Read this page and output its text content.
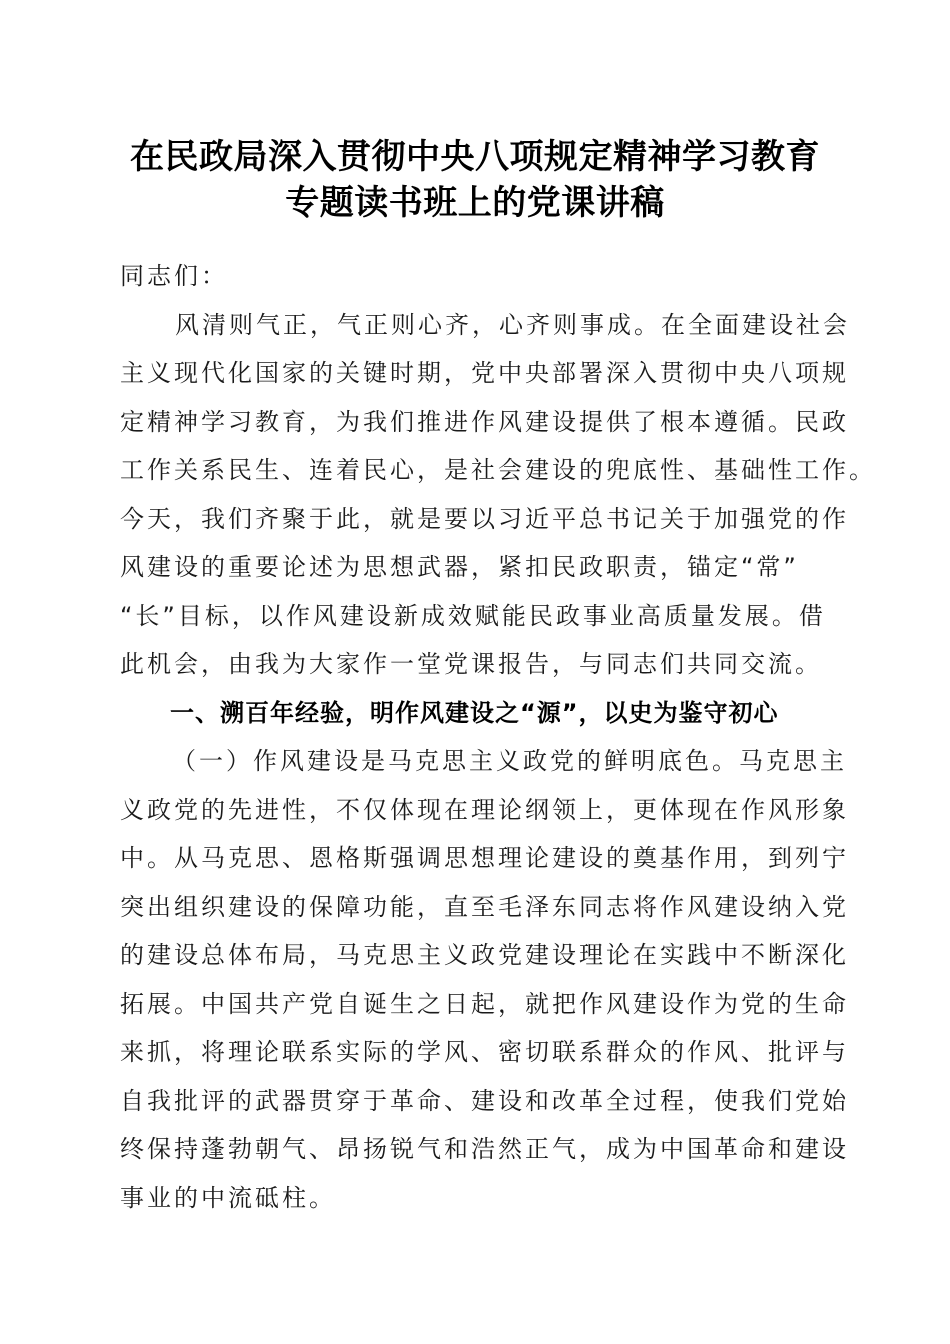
在民政局深入贯彻中央八项规定精神学习教育
专题读书班上的党课讲稿
同志们：
风清则气正，气正则心齐，心齐则事成。在全面建设社会
主义现代化国家的关键时期，党中央部署深入贯彻中央八项规
定精神学习教育，为我们推进作风建设提供了根本遵循。民政
工作关系民生、连着民心，是社会建设的兜底性、基础性工作。
今天，我们齐聚于此，就是要以习近平总书记关于加强党的作
风建设的重要论述为思想武器，紧扣民政职责，锚定“常”
“长”目标，以作风建设新成效赋能民政事业高质量发展。借
此机会，由我为大家作一堂党课报告，与同志们共同交流。
一、溯百年经验，明作风建设之“源”，以史为鉴守初心
（一）作风建设是马克思主义政党的鲜明底色。马克思主
义政党的先进性，不仅体现在理论纲领上，更体现在作风形象
中。从马克思、恩格斯强调思想理论建设的奠基作用，到列宁
突出组织建设的保障功能，直至毛泽东同志将作风建设纳入党
的建设总体布局，马克思主义政党建设理论在实践中不断深化
拓展。中国共产党自诞生之日起，就把作风建设作为党的生命
来抓，将理论联系实际的学风、密切联系群众的作风、批评与
自我批评的武器贯穿于革命、建设和改革全过程，使我们党始
终保持蓬勃朝气、昂扬锐气和浩然正气，成为中国革命和建设
事业的中流砥柱。
